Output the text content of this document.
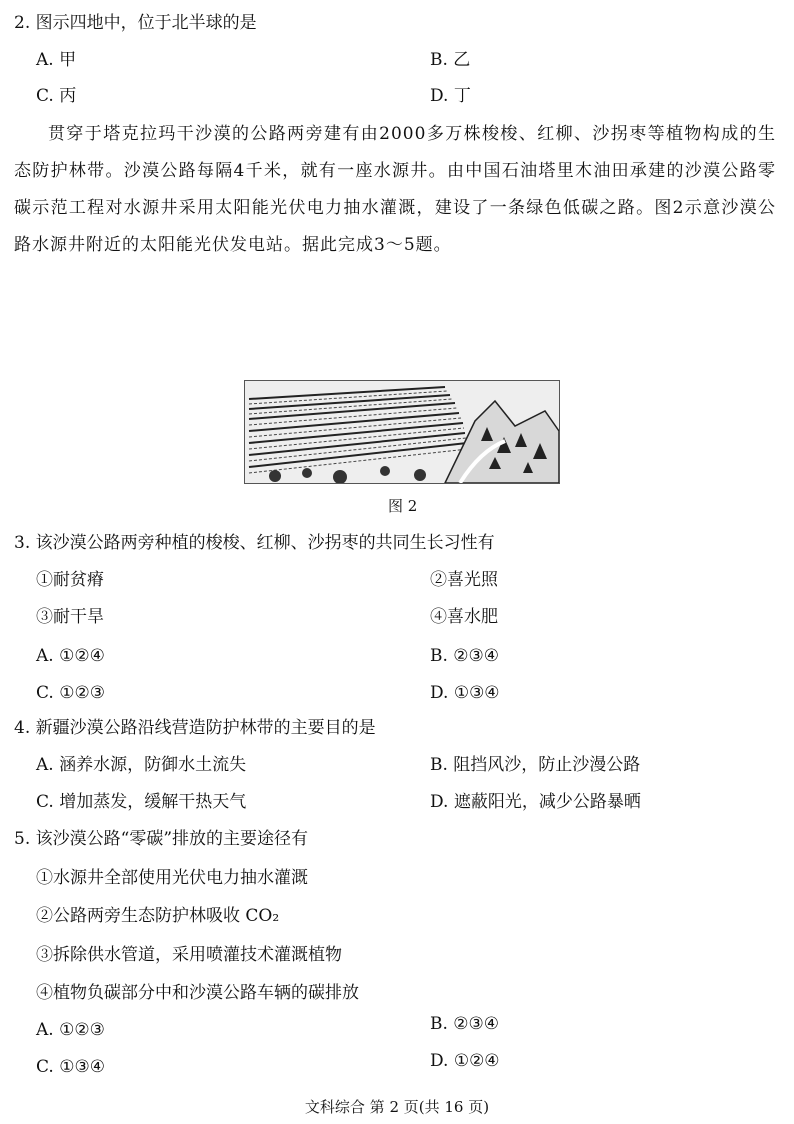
2. 图示四地中，位于北半球的是
A. 甲	B. 乙
C. 丙	D. 丁
贯穿于塔克拉玛干沙漠的公路两旁建有由2000多万株梭梭、红柳、沙拐枣等植物构成的生态防护林带。沙漠公路每隔4千米，就有一座水源井。由中国石油塔里木油田承建的沙漠公路零碳示范工程对水源井采用太阳能光伏电力抽水灌溉，建设了一条绿色低碳之路。图2示意沙漠公路水源井附近的太阳能光伏发电站。据此完成3～5题。
图 2
3. 该沙漠公路两旁种植的梭梭、红柳、沙拐枣的共同生长习性有
①耐贫瘠	②喜光照
③耐干旱	④喜水肥
A. ①②④	B. ②③④
C. ①②③	D. ①③④
4. 新疆沙漠公路沿线营造防护林带的主要目的是
A. 涵养水源，防御水土流失	B. 阻挡风沙，防止沙漫公路
C. 增加蒸发，缓解干热天气	D. 遮蔽阳光，减少公路暴晒
5. 该沙漠公路“零碳”排放的主要途径有
①水源井全部使用光伏电力抽水灌溉
②公路两旁生态防护林吸收 CO₂
③拆除供水管道，采用喷灌技术灌溉植物
④植物负碳部分中和沙漠公路车辆的碳排放
A. ①②③	B. ②③④
C. ①③④	D. ①②④
文科综合 第 2 页(共 16 页)
